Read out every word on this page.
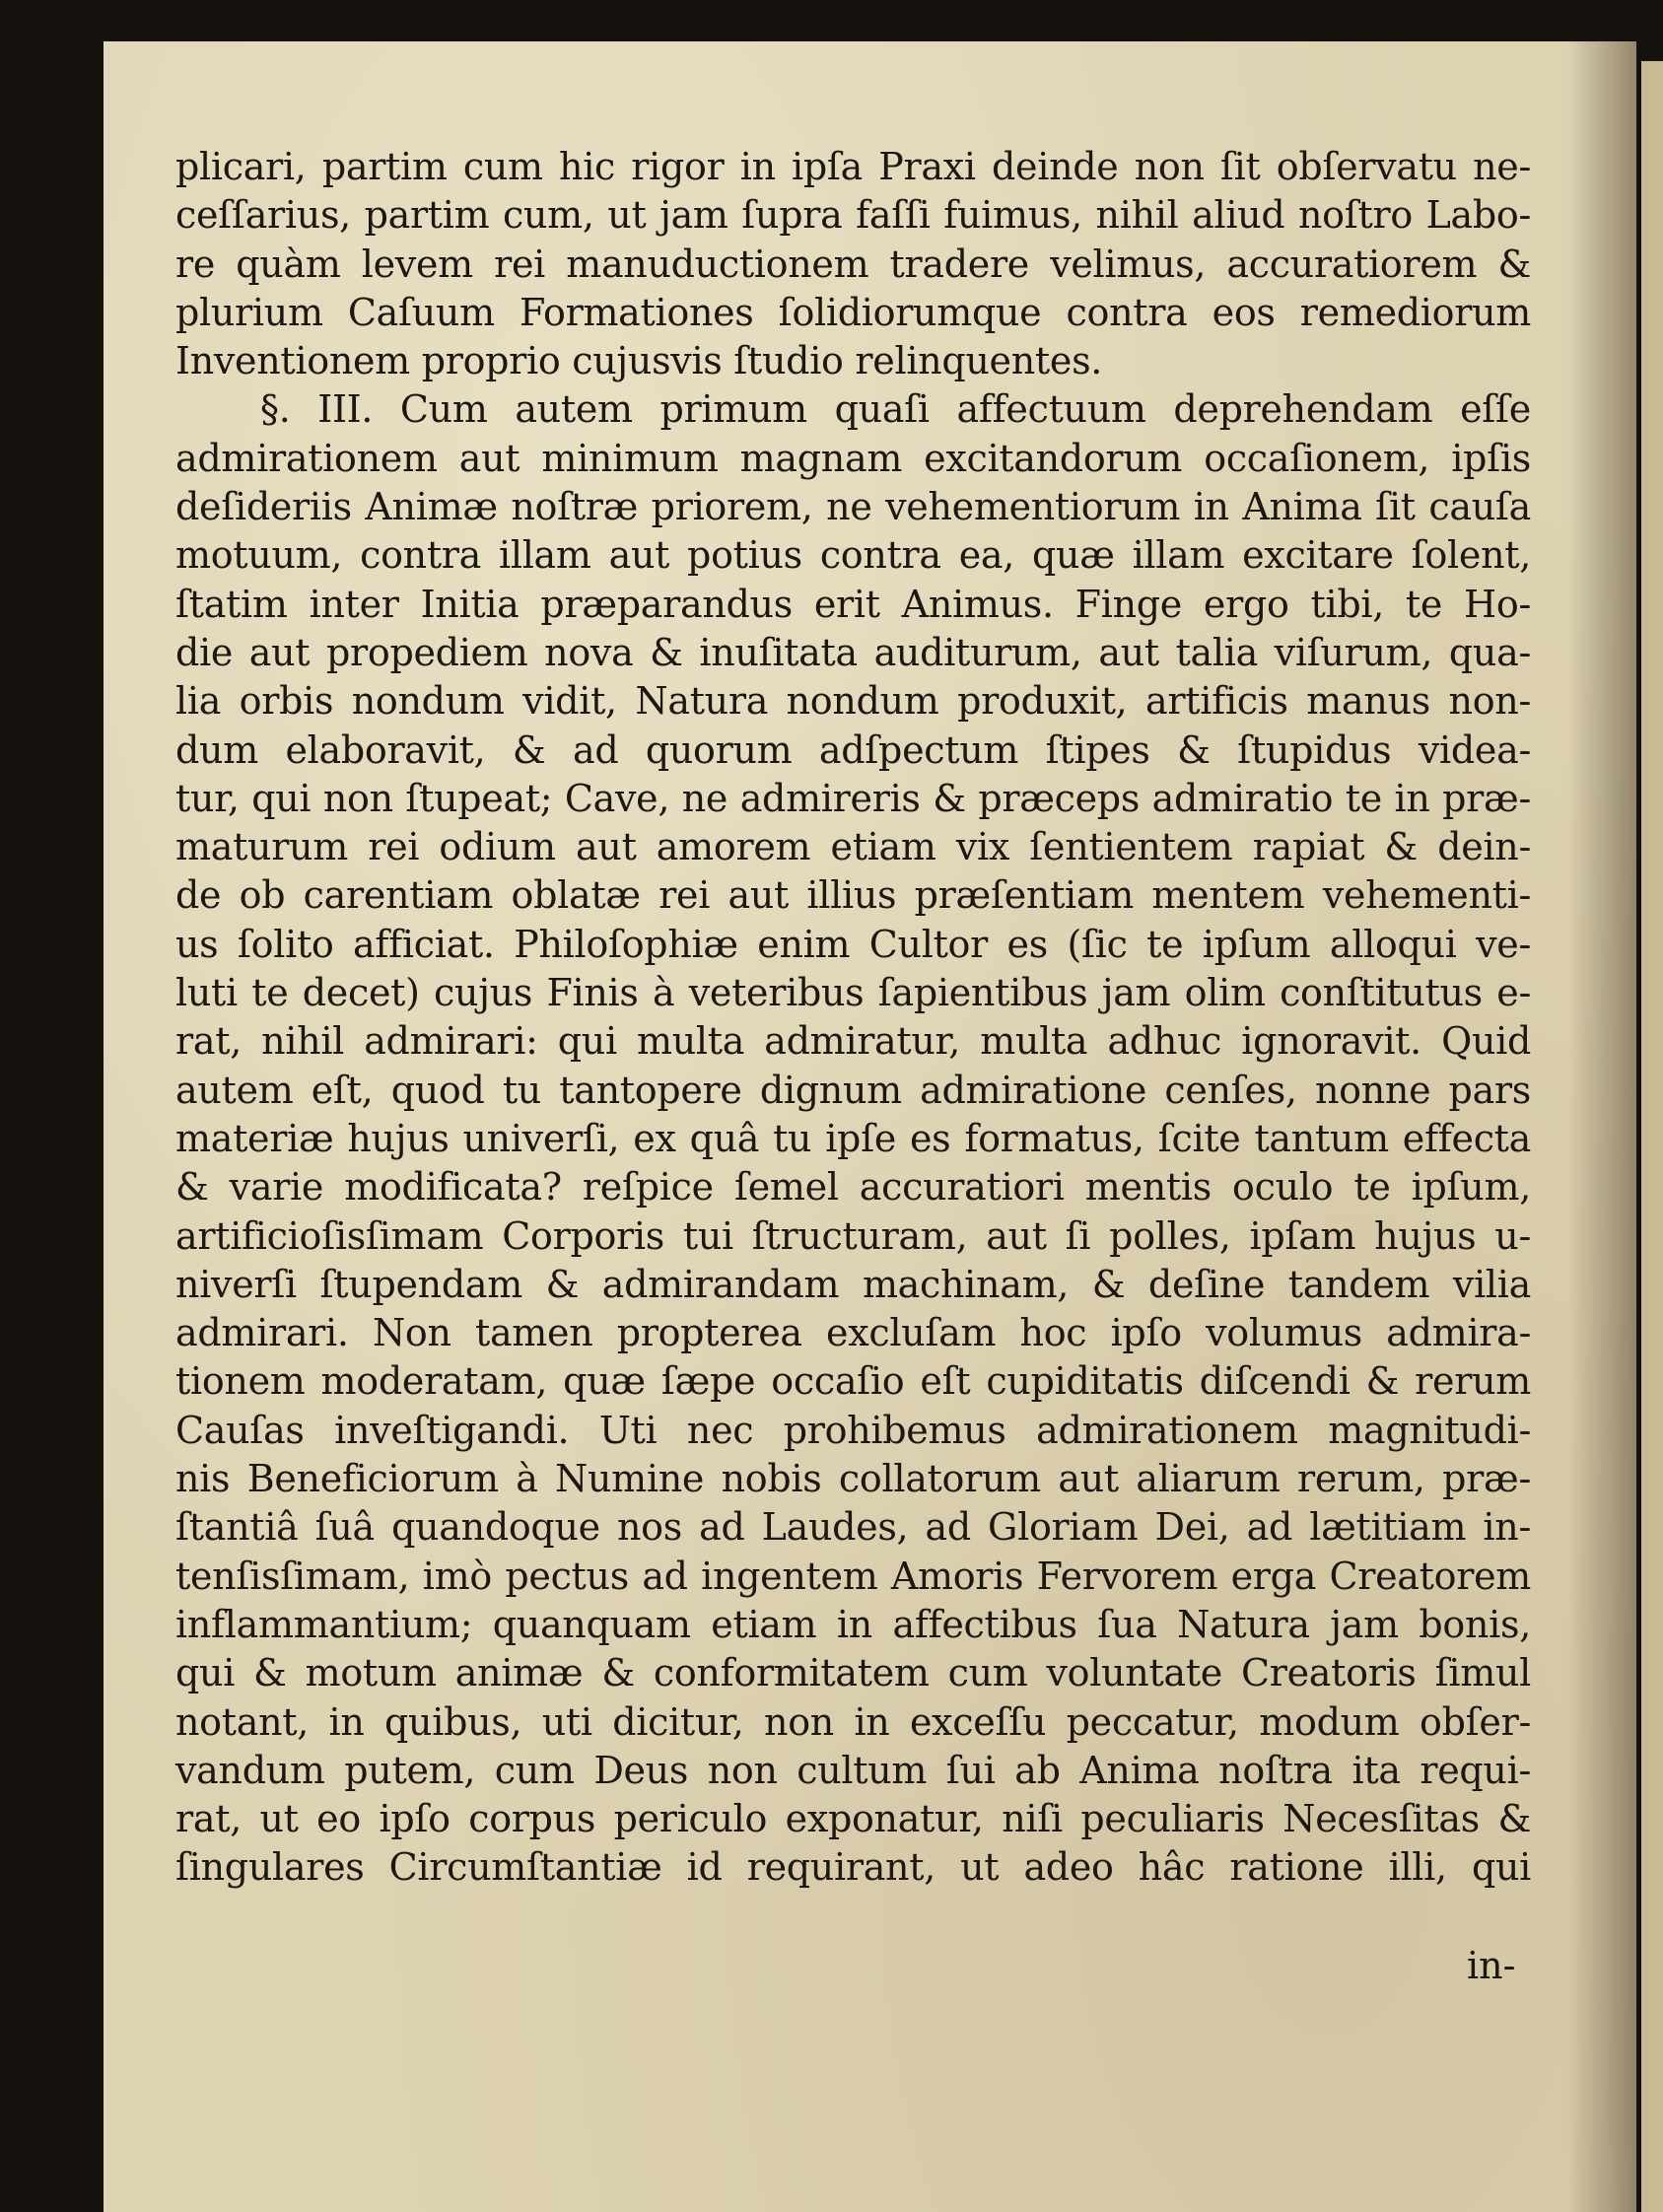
plicari, partim cum hic rigor in ipſa Praxi deinde non ſit obſervatu ne-
ceſſarius, partim cum, ut jam ſupra faſſi fuimus, nihil aliud noſtro Labo-
re quàm levem rei manuductionem tradere velimus, accuratiorem &
plurium Caſuum Formationes ſolidiorumque contra eos remediorum
Inventionem proprio cujusvis ſtudio relinquentes.
§. III. Cum autem primum quaſi affectuum deprehendam eſſe
admirationem aut minimum magnam excitandorum occaſionem, ipſis
deſideriis Animæ noſtræ priorem, ne vehementiorum in Anima ſit cauſa
motuum, contra illam aut potius contra ea, quæ illam excitare ſolent,
ſtatim inter Initia præparandus erit Animus. Finge ergo tibi, te Ho-
die aut propediem nova & inuſitata auditurum, aut talia viſurum, qua-
lia orbis nondum vidit, Natura nondum produxit, artificis manus non-
dum elaboravit, & ad quorum adſpectum ſtipes & ſtupidus videa-
tur, qui non ſtupeat; Cave, ne admireris & præceps admiratio te in præ-
maturum rei odium aut amorem etiam vix ſentientem rapiat & dein-
de ob carentiam oblatæ rei aut illius præſentiam mentem vehementi-
us ſolito afficiat. Philoſophiæ enim Cultor es (ſic te ipſum alloqui ve-
luti te decet) cujus Finis à veteribus ſapientibus jam olim conſtitutus e-
rat, nihil admirari: qui multa admiratur, multa adhuc ignoravit. Quid
autem eſt, quod tu tantopere dignum admiratione cenſes, nonne pars
materiæ hujus univerſi, ex quâ tu ipſe es formatus, ſcite tantum effecta
& varie modificata? reſpice ſemel accuratiori mentis oculo te ipſum,
artificioſisſimam Corporis tui ſtructuram, aut ſi polles, ipſam hujus u-
niverſi ſtupendam & admirandam machinam, & deſine tandem vilia
admirari. Non tamen propterea excluſam hoc ipſo volumus admira-
tionem moderatam, quæ ſæpe occaſio eſt cupiditatis diſcendi & rerum
Cauſas inveſtigandi. Uti nec prohibemus admirationem magnitudi-
nis Beneficiorum à Numine nobis collatorum aut aliarum rerum, præ-
ſtantiâ ſuâ quandoque nos ad Laudes, ad Gloriam Dei, ad lætitiam in-
tenſisſimam, imò pectus ad ingentem Amoris Fervorem erga Creatorem
inflammantium; quanquam etiam in affectibus ſua Natura jam bonis,
qui & motum animæ & conformitatem cum voluntate Creatoris ſimul
notant, in quibus, uti dicitur, non in exceſſu peccatur, modum obſer-
vandum putem, cum Deus non cultum ſui ab Anima noſtra ita requi-
rat, ut eo ipſo corpus periculo exponatur, niſi peculiaris Necesſitas &
ſingulares Circumſtantiæ id requirant, ut adeo hâc ratione illi, qui
in-
